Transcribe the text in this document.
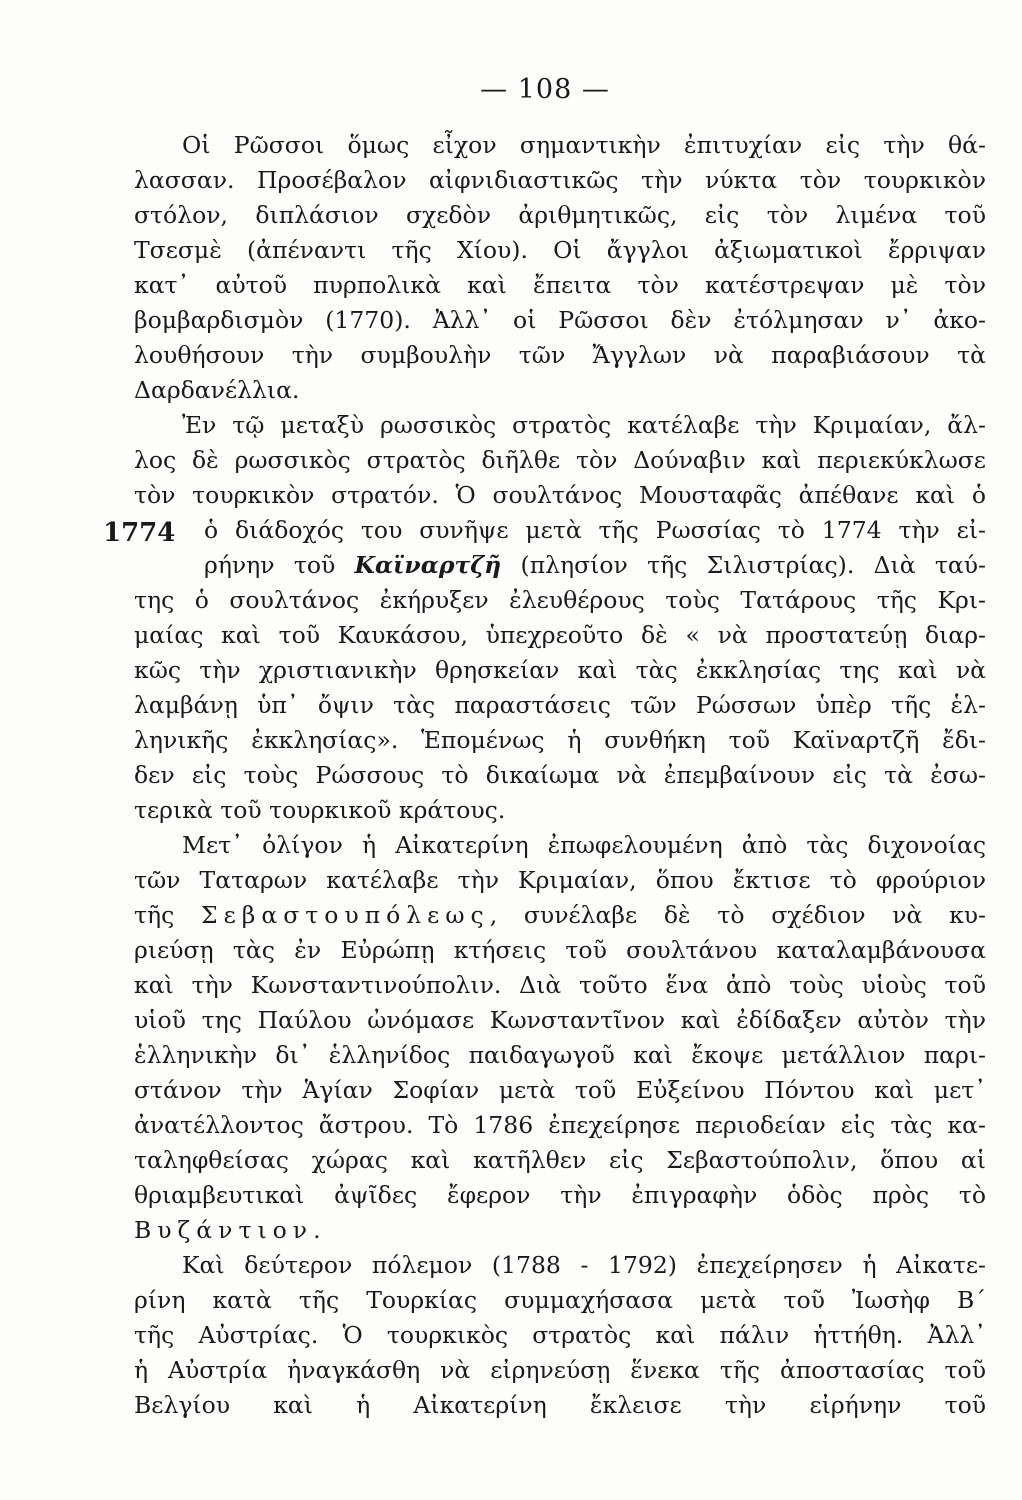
— 108 —
1774
Οἱ Ρῶσσοι ὅμως εἶχον σημαντικὴν ἐπιτυχίαν εἰς τὴν θά-
λασσαν. Προσέβαλον αἰφνιδιαστικῶς τὴν νύκτα τὸν τουρκικὸν
στόλον, διπλάσιον σχεδὸν ἀριθμητικῶς, εἰς τὸν λιμένα τοῦ
Τσεσμὲ (ἀπέναντι τῆς Χίου). Οἱ ἄγγλοι ἀξιωματικοὶ ἔρριψαν
κατ᾽ αὐτοῦ πυρπολικὰ καὶ ἔπειτα τὸν κατέστρεψαν μὲ τὸν
βομβαρδισμὸν (1770). Ἀλλ᾽ οἱ Ρῶσσοι δὲν ἐτόλμησαν ν᾽ ἀκο-
λουθήσουν τὴν συμβουλὴν τῶν Ἄγγλων νὰ παραβιάσουν τὰ
Δαρδανέλλια.
Ἐν τῷ μεταξὺ ρωσσικὸς στρατὸς κατέλαβε τὴν Κριμαίαν, ἄλ-
λος δὲ ρωσσικὸς στρατὸς διῆλθε τὸν Δούναβιν καὶ περιεκύκλωσε
τὸν τουρκικὸν στρατόν. Ὁ σουλτάνος Μουσταφᾶς ἀπέθανε καὶ ὁ
ὁ διάδοχός του συνῆψε μετὰ τῆς Ρωσσίας τὸ 1774 τὴν εἰ-
ρήνην τοῦ Καϊναρτζῆ (πλησίον τῆς Σιλιστρίας). Διὰ ταύ-
της ὁ σουλτάνος ἐκήρυξεν ἐλευθέρους τοὺς Τατάρους τῆς Κρι-
μαίας καὶ τοῦ Καυκάσου, ὑπεχρεοῦτο δὲ « νὰ προστατεύῃ διαρ-
κῶς τὴν χριστιανικὴν θρησκείαν καὶ τὰς ἐκκλησίας της καὶ νὰ
λαμβάνῃ ὑπ᾽ ὄψιν τὰς παραστάσεις τῶν Ρώσσων ὑπὲρ τῆς ἑλ-
ληνικῆς ἐκκλησίας». Ἑπομένως ἡ συνθήκη τοῦ Καϊναρτζῆ ἔδι-
δεν εἰς τοὺς Ρώσσους τὸ δικαίωμα νὰ ἐπεμβαίνουν εἰς τὰ ἐσω-
τερικὰ τοῦ τουρκικοῦ κράτους.
Μετ᾽ ὀλίγον ἡ Αἰκατερίνη ἐπωφελουμένη ἀπὸ τὰς διχονοίας
τῶν Ταταρων κατέλαβε τὴν Κριμαίαν, ὅπου ἔκτισε τὸ φρούριον
τῆς Σεβαστουπόλεως, συνέλαβε δὲ τὸ σχέδιον νὰ κυ-
ριεύσῃ τὰς ἐν Εὐρώπῃ κτήσεις τοῦ σουλτάνου καταλαμβάνουσα
καὶ τὴν Κωνσταντινούπολιν. Διὰ τοῦτο ἕνα ἀπὸ τοὺς υἱοὺς τοῦ
υἱοῦ της Παύλου ὠνόμασε Κωνσταντῖνον καὶ ἐδίδαξεν αὐτὸν τὴν
ἑλληνικὴν δι᾽ ἑλληνίδος παιδαγωγοῦ καὶ ἔκοψε μετάλλιον παρι-
στάνον τὴν Ἁγίαν Σοφίαν μετὰ τοῦ Εὐξείνου Πόντου καὶ μετ᾽
ἀνατέλλοντος ἄστρου. Τὸ 1786 ἐπεχείρησε περιοδείαν εἰς τὰς κα-
ταληφθείσας χώρας καὶ κατῆλθεν εἰς Σεβαστούπολιν, ὅπου αἱ
θριαμβευτικαὶ ἀψῖδες ἔφερον τὴν ἐπιγραφὴν ὁδὸς πρὸς τὸ
Βυζάντιον.
Καὶ δεύτερον πόλεμον (1788 - 1792) ἐπεχείρησεν ἡ Αἰκατε-
ρίνη κατὰ τῆς Τουρκίας συμμαχήσασα μετὰ τοῦ Ἰωσὴφ Β´
τῆς Αὐστρίας. Ὁ τουρκικὸς στρατὸς καὶ πάλιν ἡττήθη. Ἀλλ᾽
ἡ Αὐστρία ἠναγκάσθη νὰ εἰρηνεύσῃ ἕνεκα τῆς ἀποστασίας τοῦ
Βελγίου καὶ ἡ Αἰκατερίνη ἔκλεισε τὴν εἰρήνην τοῦ
